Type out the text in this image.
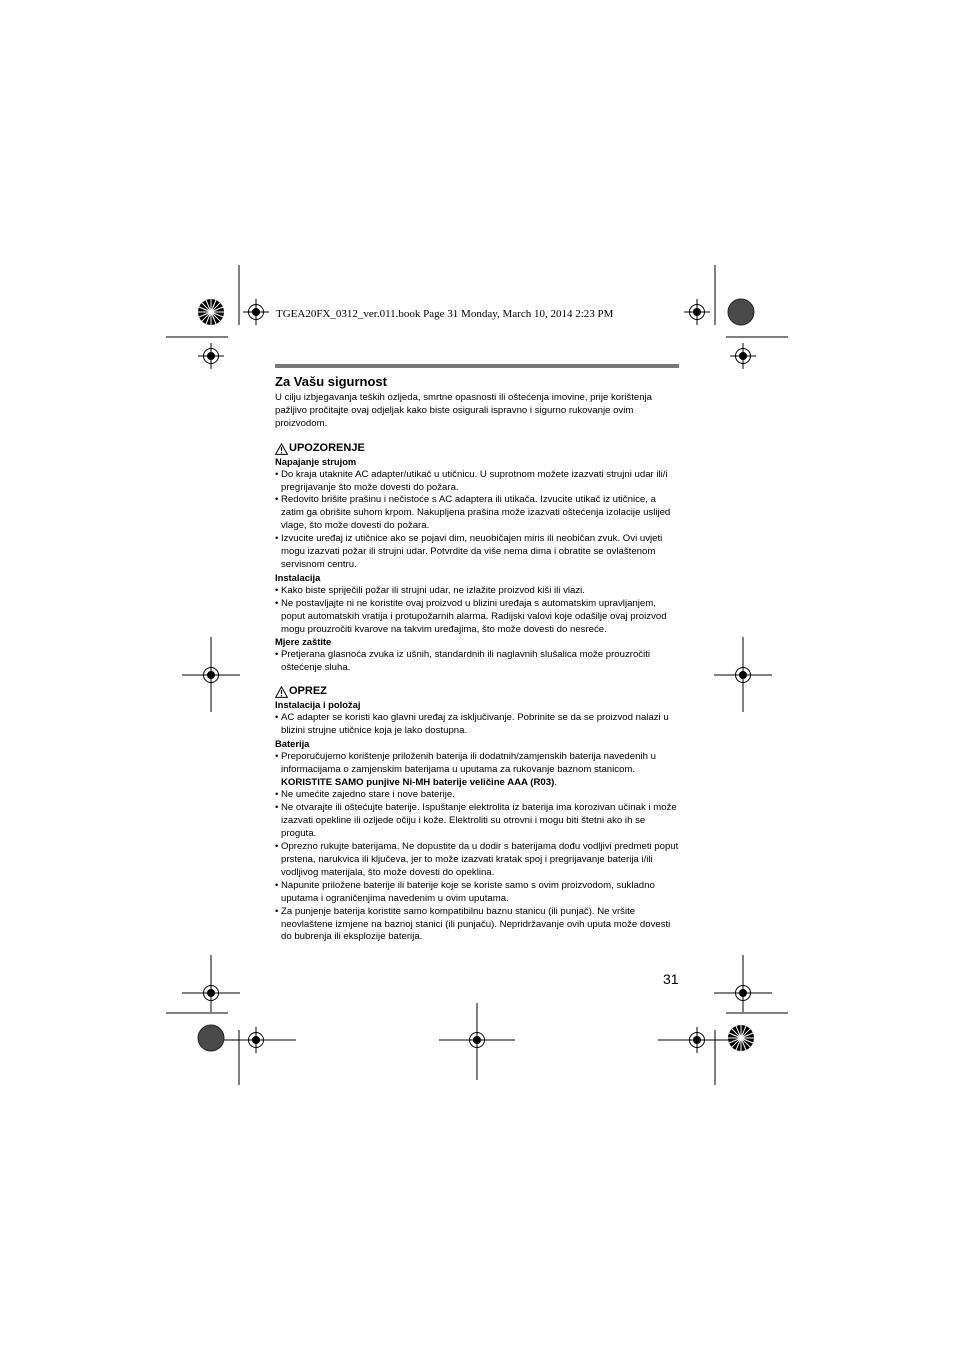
TGEA20FX_0312_ver.011.book Page 31 Monday, March 10, 2014 2:23 PM
Za Vašu sigurnost

U cilju izbjegavanja teških ozljeda, smrtne opasnosti ili oštećenja imovine, prije korištenja pažljivo pročitajte ovaj odjeljak kako biste osigurali ispravno i sigurno rukovanje ovim proizvodom.

UPOZORENJE
Napajanje strujom
• Do kraja utaknite AC adapter/utikač u utičnicu. U suprotnom možete izazvati strujni udar ili/i pregrijavanje što može dovesti do požara.
• Redovito brišite prašinu i nečistoće s AC adaptera ili utikača. Izvucite utikač iz utičnice, a zatim ga obrišite suhom krpom. Nakupljena prašina može izazvati oštećenja izolacije uslijed vlage, što može dovesti do požara.
• Izvucite uređaj iz utičnice ako se pojavi dim, neuobičajen miris ili neobičan zvuk. Ovi uvjeti mogu izazvati požar ili strujni udar. Potvrdite da više nema dima i obratite se ovlaštenom servisnom centru.
Instalacija
• Kako biste spriječili požar ili strujni udar, ne izlažite proizvod kiši ili vlazi.
• Ne postavljajte ni ne koristite ovaj proizvod u blizini uređaja s automatskim upravljanjem, poput automatskih vratija i protupožarnih alarma. Radijski valovi koje odašilje ovaj proizvod mogu prouzročiti kvarove na takvim uređajima, što može dovesti do nesreće.
Mjere zaštite
• Pretjerana glasnoća zvuka iz ušnih, standardnih ili naglavnih slušalica može prouzročiti oštećenje sluha.
OPREZ
Instalacija i položaj
• AC adapter se koristi kao glavni uređaj za isključivanje. Pobrinite se da se proizvod nalazi u blizini strujne utičnice koja je lako dostupna.
Baterija
• Preporučujemo korištenje priloženih baterija ili dodatnih/zamjenskih baterija navedenih u informacijama o zamjenskim baterijama u uputama za rukovanje baznom stanicom.
KORISTITE SAMO punjive Ni-MH baterije veličine AAA (R03).
• Ne umećite zajedno stare i nove baterije.
• Ne otvarajte ili oštećujte baterije. Ispuštanje elektrolita iz baterija ima korozivan učinak i može izazvati opekline ili ozljede očiju i kože. Elektroliti su otrovni i mogu biti štetni ako ih se proguta.
• Oprezno rukujte baterijama. Ne dopustite da u dodir s baterijama dođu vodljivi predmeti poput prstena, narukvica ili ključeva, jer to može izazvati kratak spoj i pregrijavanje baterija i/ili vodljivog materijala, što može dovesti do opeklina.
• Napunite priložene baterije ili baterije koje se koriste samo s ovim proizvodom, sukladno uputama i ograničenjima navedenim u ovim uputama.
• Za punjenje baterija koristite samo kompatibilnu baznu stanicu (ili punjač). Ne vršite neovlaštene izmjene na baznoj stanici (ili punjaču). Nepridržavanje ovih uputa može dovesti do bubrenja ili eksplozije baterija.
31
